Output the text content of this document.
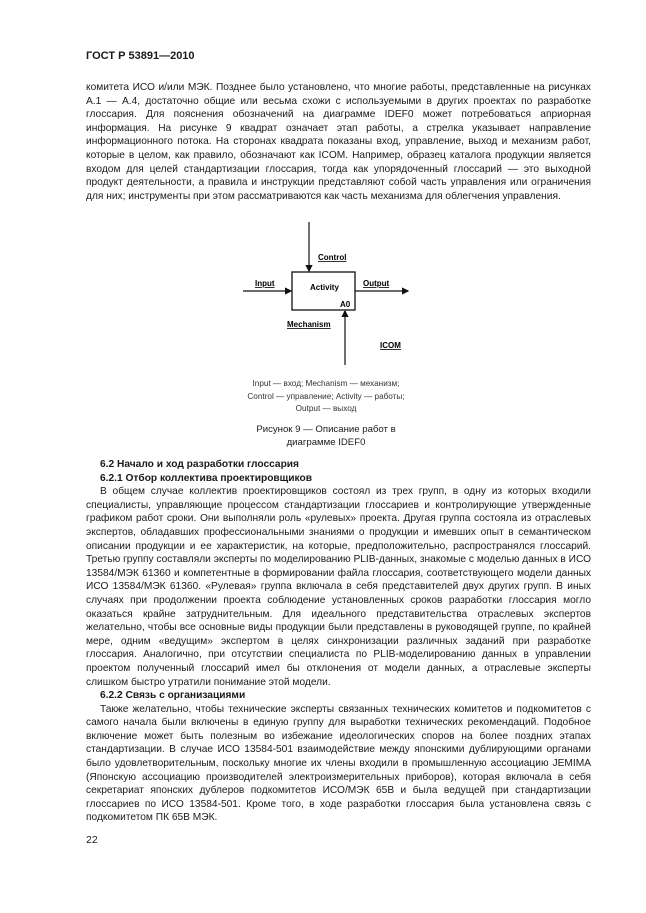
ГОСТ Р 53891—2010

комитета ИСО и/или МЭК. Позднее было установлено, что многие работы, представленные на рисунках А.1 — А.4, достаточно общие или весьма схожи с используемыми в других проектах по разработке глоссария. Для пояснения обозначений на диаграмме IDEF0 может потребоваться априорная информация. На рисунке 9 квадрат означает этап работы, а стрелка указывает направление информационного потока. На сторонах квадрата показаны вход, управление, выход и механизм работ, которые в целом, как правило, обозначают как ICOM. Например, образец каталога продукции является входом для целей стандартизации глоссария, тогда как упорядоченный глоссарий — это выходной продукт деятельности, а правила и инструкции представляют собой часть управления или ограничения для них; инструменты при этом рассматриваются как часть механизма для облегчения управления.

Control
Input	Activity	Output
A0
Mechanism
ICOM
Input — вход; Mechanism — механизм; Control — управление; Activity — работы; Output — выход
Рисунок 9 — Описание работ в диаграмме IDEF0

6.2 Начало и ход разработки глоссария

6.2.1 Отбор коллектива проектировщиков

В общем случае коллектив проектировщиков состоял из трех групп, в одну из которых входили специалисты, управляющие процессом стандартизации глоссариев и контролирующие утвержденные графиком работ сроки. Они выполняли роль «рулевых» проекта. Другая группа состояла из отраслевых экспертов, обладавших профессиональными знаниями о продукции и имевших опыт в семантическом описании продукции и ее характеристик, на которые, предположительно, распространялся глоссарий. Третью группу составляли эксперты по моделированию PLIB-данных, знакомые с моделью данных в ИСО 13584/МЭК 61360 и компетентные в формировании файла глоссария, соответствующего модели данных ИСО 13584/МЭК 61360. «Рулевая» группа включала в себя представителей двух других групп. В иных случаях при продолжении проекта соблюдение установленных сроков разработки глоссария могло оказаться крайне затруднительным. Для идеального представительства отраслевых экспертов желательно, чтобы все основные виды продукции были представлены в руководящей группе, по крайней мере, одним «ведущим» экспертом в целях синхронизации различных заданий при разработке глоссария. Аналогично, при отсутствии специалиста по PLIB-моделированию данных в управлении проектом полученный глоссарий имел бы отклонения от модели данных, а отраслевые эксперты слишком быстро утратили понимание этой модели.

6.2.2 Связь с организациями

Также желательно, чтобы технические эксперты связанных технических комитетов и подкомитетов с самого начала были включены в единую группу для выработки технических рекомендаций. Подобное включение может быть полезным во избежание идеологических споров на более поздних этапах стандартизации. В случае ИСО 13584-501 взаимодействие между японскими дублирующими органами было удовлетворительным, поскольку многие их члены входили в промышленную ассоциацию JEMIMA (Японскую ассоциацию производителей электроизмерительных приборов), которая включала в себя секретариат японских дублеров подкомитетов ИСО/МЭК 65В и была ведущей при стандартизации глоссариев по ИСО 13584-501. Кроме того, в ходе разработки глоссария была установлена связь с подкомитетом ПК 65В МЭК.

22
